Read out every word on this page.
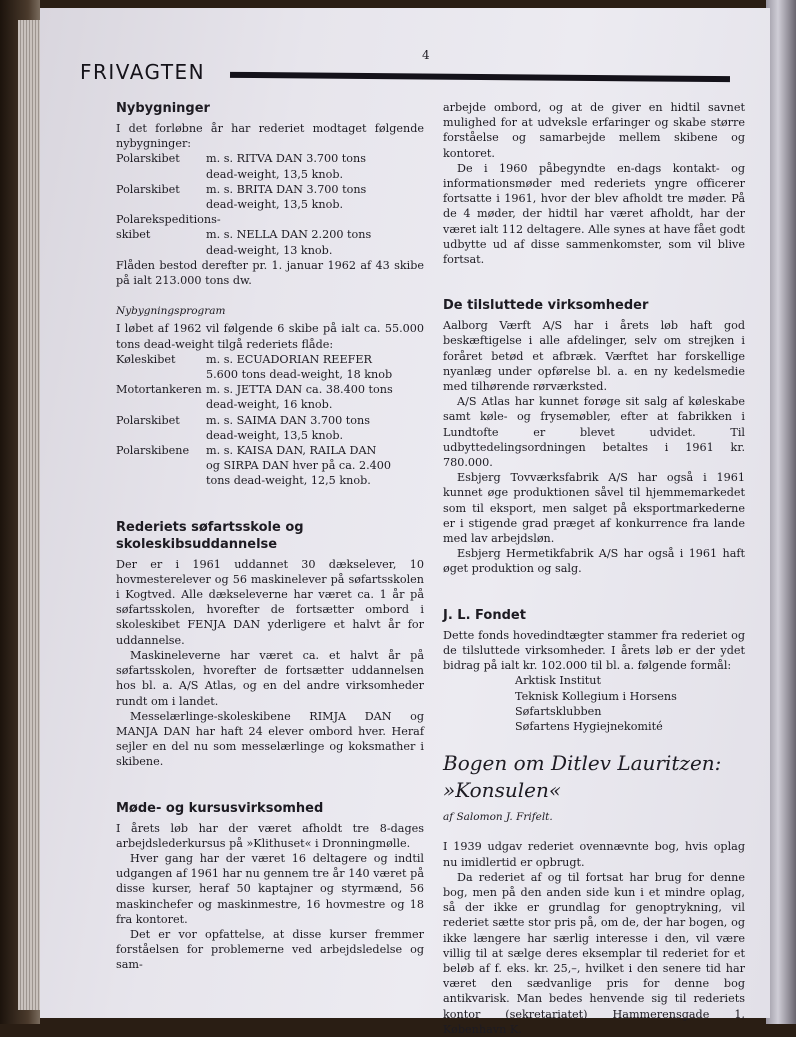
4
FRIVAGTEN
Nybygninger

I det forløbne år har rederiet modtaget følgende nybygninger:

Polarskibet	m. s. RITVA DAN 3.700 tons
dead-weight, 13,5 knob.
Polarskibet	m. s. BRITA DAN 3.700 tons
dead-weight, 13,5 knob.
Polarekspeditions-
skibet	m. s. NELLA DAN 2.200 tons
dead-weight, 13 knob.

Flåden bestod derefter pr. 1. januar 1962 af 43 skibe på ialt 213.000 tons dw.

Nybygningsprogram

I løbet af 1962 vil følgende 6 skibe på ialt ca. 55.000 tons dead-weight tilgå rederiets flåde:

Køleskibet	m. s. ECUADORIAN REEFER
5.600 tons dead-weight, 18 knob
Motortankeren m. s. JETTA DAN ca. 38.400 tons
dead-weight, 16 knob.
Polarskibet	m. s. SAIMA DAN 3.700 tons
dead-weight, 13,5 knob.
Polarskibene	m. s. KAISA DAN, RAILA DAN
og SIRPA DAN hver på ca. 2.400
tons dead-weight, 12,5 knob.
Rederiets søfartsskole og skoleskibsuddannelse

Der er i 1961 uddannet 30 dækselever, 10 hovmesterelever og 56 maskinelever på søfartsskolen i Kogtved. Alle dækseleverne har været ca. 1 år på søfartsskolen, hvorefter de fortsætter ombord i skoleskibet FENJA DAN yderligere et halvt år for uddannelse.

Maskineleverne har været ca. et halvt år på søfartsskolen, hvorefter de fortsætter uddannelsen hos bl. a. A/S Atlas, og en del andre virksomheder rundt om i landet.

Messelærlinge-skoleskibene RIMJA DAN og MANJA DAN har haft 24 elever ombord hver. Heraf sejler en del nu som messelærlinge og koksmather i skibene.

Møde- og kursusvirksomhed

I årets løb har der været afholdt tre 8-dages arbejdslederkursus på »Klithuset« i Dronningmølle.

Hver gang har der været 16 deltagere og indtil udgangen af 1961 har nu gennem tre år 140 været på disse kurser, heraf 50 kaptajner og styrmænd, 56 maskinchefer og maskinmestre, 16 hovmestre og 18 fra kontoret.

Det er vor opfattelse, at disse kurser fremmer forståelsen for problemerne ved arbejdsledelse og sam-

arbejde ombord, og at de giver en hidtil savnet mulighed for at udveksle erfaringer og skabe større forståelse og samarbejde mellem skibene og kontoret.

De i 1960 påbegyndte en-dags kontakt- og informationsmøder med rederiets yngre officerer fortsatte i 1961, hvor der blev afholdt tre møder. På de 4 møder, der hidtil har været afholdt, har der været ialt 112 deltagere. Alle synes at have fået godt udbytte ud af disse sammenkomster, som vil blive fortsat.

De tilsluttede virksomheder

Aalborg Værft A/S har i årets løb haft god beskæftigelse i alle afdelinger, selv om strejken i foråret betød et afbræk. Værftet har forskellige nyanlæg under opførelse bl. a. en ny kedelsmedie med tilhørende rørværksted.

A/S Atlas har kunnet forøge sit salg af køleskabe samt køle- og frysemøbler, efter at fabrikken i Lundtofte er blevet udvidet. Til udbyttedelingsordningen betaltes i 1961 kr. 780.000.

Esbjerg Tovværksfabrik A/S har også i 1961 kunnet øge produktionen såvel til hjemmemarkedet som til eksport, men salget på eksportmarkederne er i stigende grad præget af konkurrence fra lande med lav arbejdsløn.

Esbjerg Hermetikfabrik A/S har også i 1961 haft øget produktion og salg.

J. L. Fondet

Dette fonds hovedindtægter stammer fra rederiet og de tilsluttede virksomheder. I årets løb er der ydet bidrag på ialt kr. 102.000 til bl. a. følgende formål:

Arktisk Institut
Teknisk Kollegium i Horsens
Søfartsklubben
Søfartens Hygiejnekomité
Bogen om Ditlev Lauritzen:
»Konsulen«
af Salomon J. Frifelt.

I 1939 udgav rederiet ovennævnte bog, hvis oplag nu imidlertid er opbrugt.

Da rederiet af og til fortsat har brug for denne bog, men på den anden side kun i et mindre oplag, så der ikke er grundlag for genoptrykning, vil rederiet sætte stor pris på, om de, der har bogen, og ikke længere har særlig interesse i den, vil være villig til at sælge deres eksemplar til rederiet for et beløb af f. eks. kr. 25,–, hvilket i den senere tid har været den sædvanlige pris for denne bog antikvarisk. Man bedes henvende sig til rederiets kontor (sekretariatet) Hammerensgade 1, København K.
